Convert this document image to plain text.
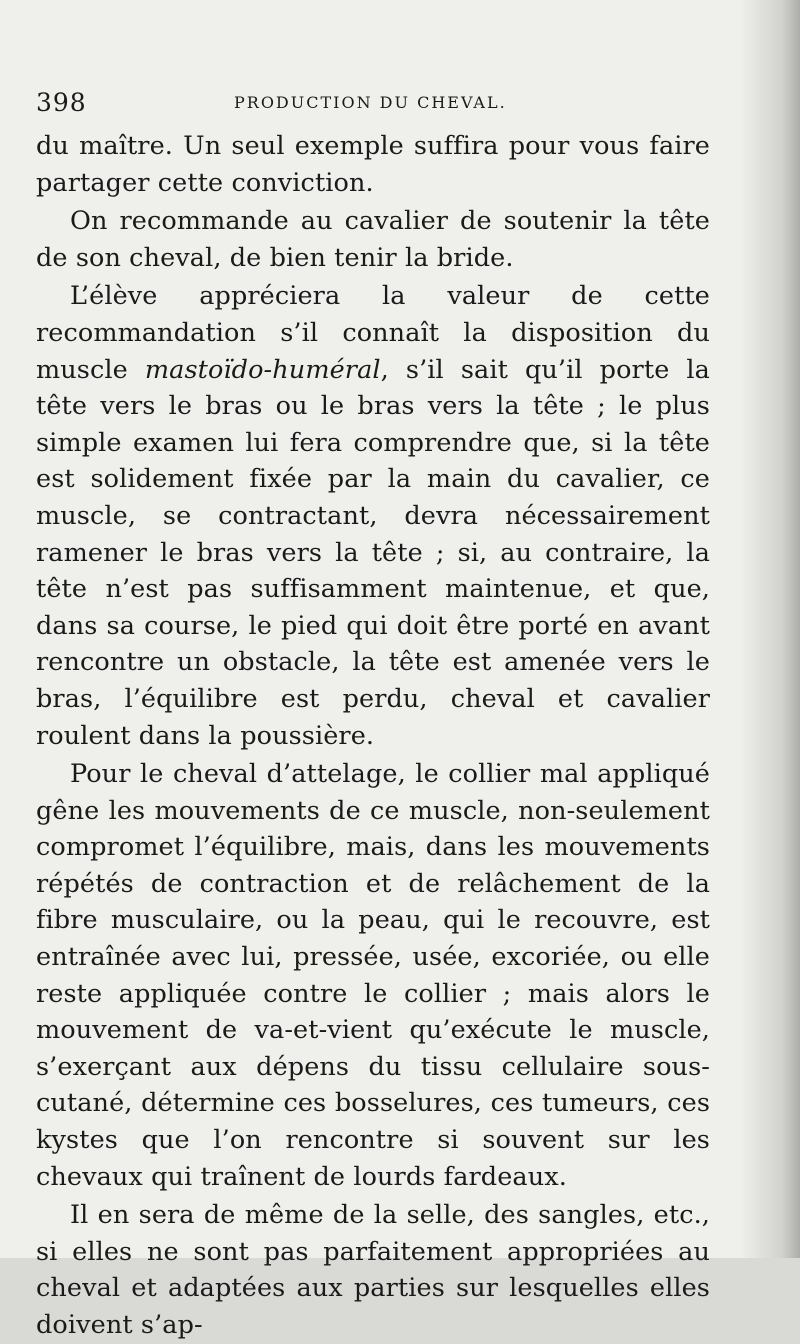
398	PRODUCTION DU CHEVAL.

du maître. Un seul exemple suffira pour vous faire partager cette conviction.

On recommande au cavalier de soutenir la tête de son cheval, de bien tenir la bride.

L’élève appréciera la valeur de cette recommandation s’il connaît la disposition du muscle mastoïdo-huméral, s’il sait qu’il porte la tête vers le bras ou le bras vers la tête ; le plus simple examen lui fera comprendre que, si la tête est solidement fixée par la main du cavalier, ce muscle, se contractant, devra nécessairement ramener le bras vers la tête ; si, au contraire, la tête n’est pas suffisamment maintenue, et que, dans sa course, le pied qui doit être porté en avant rencontre un obstacle, la tête est amenée vers le bras, l’équilibre est perdu, cheval et cavalier roulent dans la poussière.

Pour le cheval d’attelage, le collier mal appliqué gêne les mouvements de ce muscle, non-seulement compromet l’équilibre, mais, dans les mouvements répétés de contraction et de relâchement de la fibre musculaire, ou la peau, qui le recouvre, est entraînée avec lui, pressée, usée, excoriée, ou elle reste appliquée contre le collier ; mais alors le mouvement de va-et-vient qu’exécute le muscle, s’exerçant aux dépens du tissu cellulaire sous-cutané, détermine ces bosselures, ces tumeurs, ces kystes que l’on rencontre si souvent sur les chevaux qui traînent de lourds fardeaux.

Il en sera de même de la selle, des sangles, etc., si elles ne sont pas parfaitement appropriées au cheval et adaptées aux parties sur lesquelles elles doivent s’ap-
